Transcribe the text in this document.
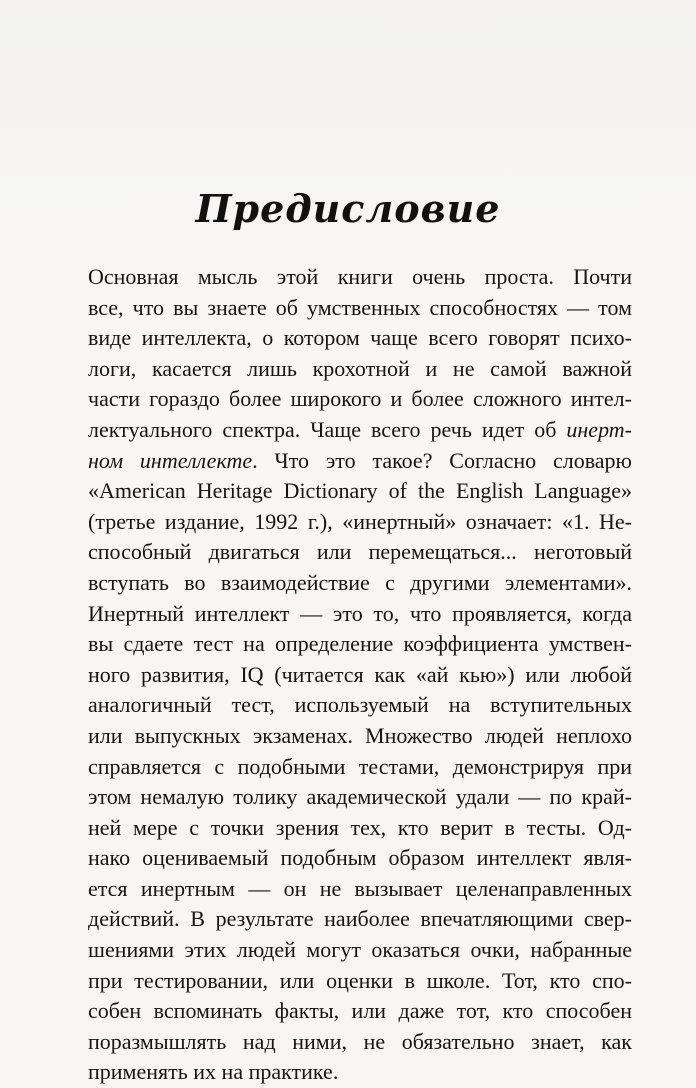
Предисловие
Основная мысль этой книги очень проста. Почти
все, что вы знаете об умственных способностях — том
виде интеллекта, о котором чаще всего говорят психо-
логи, касается лишь крохотной и не самой важной
части гораздо более широкого и более сложного интел-
лектуального спектра. Чаще всего речь идет об инерт-
ном интеллекте. Что это такое? Согласно словарю
«American Heritage Dictionary of the English Language»
(третье издание, 1992 г.), «инертный» означает: «1. Не-
способный двигаться или перемещаться... неготовый
вступать во взаимодействие с другими элементами».
Инертный интеллект — это то, что проявляется, когда
вы сдаете тест на определение коэффициента умствен-
ного развития, IQ (читается как «ай кью») или любой
аналогичный тест, используемый на вступительных
или выпускных экзаменах. Множество людей неплохо
справляется с подобными тестами, демонстрируя при
этом немалую толику академической удали — по край-
ней мере с точки зрения тех, кто верит в тесты. Од-
нако оцениваемый подобным образом интеллект явля-
ется инертным — он не вызывает целенаправленных
действий. В результате наиболее впечатляющими свер-
шениями этих людей могут оказаться очки, набранные
при тестировании, или оценки в школе. Тот, кто спо-
собен вспоминать факты, или даже тот, кто способен
поразмышлять над ними, не обязательно знает, как
применять их на практике.
